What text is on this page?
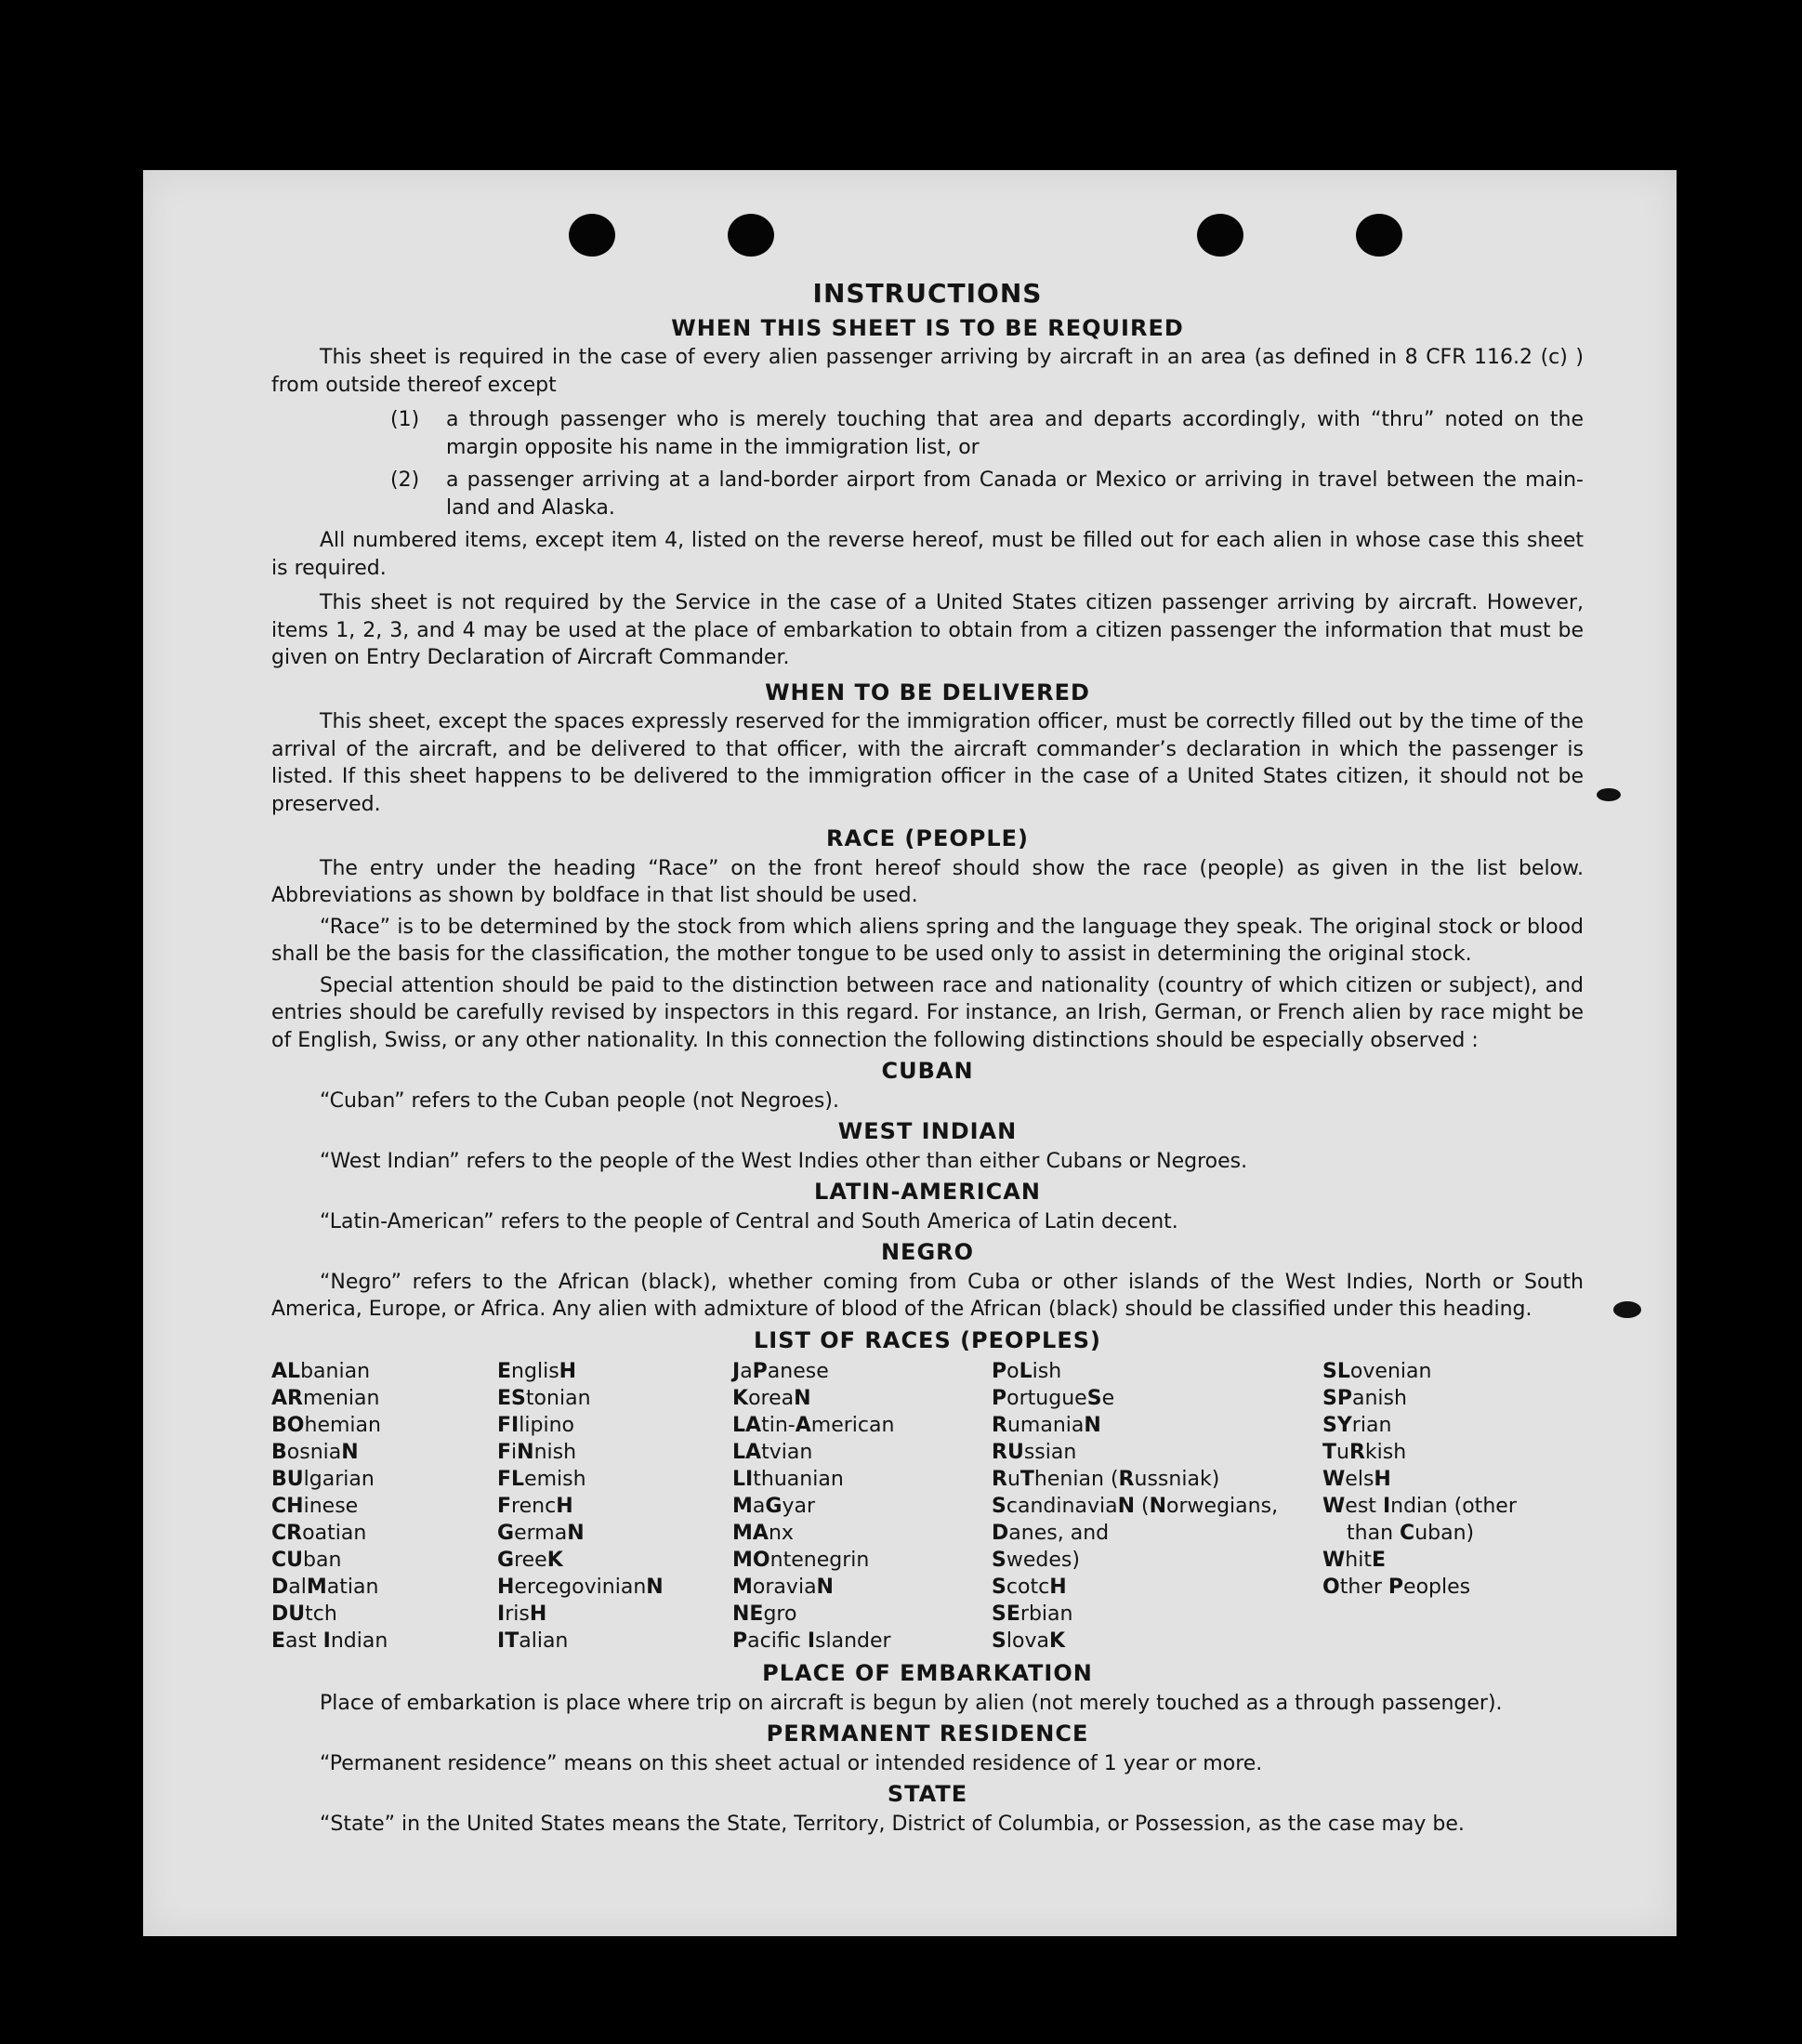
INSTRUCTIONS
WHEN THIS SHEET IS TO BE REQUIRED

This sheet is required in the case of every alien passenger arriving by aircraft in an area (as defined in 8 CFR 116.2 (c) ) from outside thereof except

(1)	a through passenger who is merely touching that area and departs accordingly, with “thru” noted on the margin opposite his name in the immigration list, or
(2)	a passenger arriving at a land-border airport from Canada or Mexico or arriving in travel between the main-land and Alaska.

All numbered items, except item 4, listed on the reverse hereof, must be filled out for each alien in whose case this sheet is required.

This sheet is not required by the Service in the case of a United States citizen passenger arriving by aircraft. However, items 1, 2, 3, and 4 may be used at the place of embarkation to obtain from a citizen passenger the information that must be given on Entry Declaration of Aircraft Commander.

WHEN TO BE DELIVERED

This sheet, except the spaces expressly reserved for the immigration officer, must be correctly filled out by the time of the arrival of the aircraft, and be delivered to that officer, with the aircraft commander’s declaration in which the passenger is listed. If this sheet happens to be delivered to the immigration officer in the case of a United States citizen, it should not be preserved.

RACE (PEOPLE)

The entry under the heading “Race” on the front hereof should show the race (people) as given in the list below. Abbreviations as shown by boldface in that list should be used.

“Race” is to be determined by the stock from which aliens spring and the language they speak. The original stock or blood shall be the basis for the classification, the mother tongue to be used only to assist in determining the original stock.

Special attention should be paid to the distinction between race and nationality (country of which citizen or subject), and entries should be carefully revised by inspectors in this regard. For instance, an Irish, German, or French alien by race might be of English, Swiss, or any other nationality. In this connection the following distinctions should be especially observed :

CUBAN

“Cuban” refers to the Cuban people (not Negroes).

WEST INDIAN

“West Indian” refers to the people of the West Indies other than either Cubans or Negroes.

LATIN-AMERICAN

“Latin-American” refers to the people of Central and South America of Latin decent.

NEGRO

“Negro” refers to the African (black), whether coming from Cuba or other islands of the West Indies, North or South America, Europe, or Africa. Any alien with admixture of blood of the African (black) should be classified under this heading.

LIST OF RACES (PEOPLES)
ALbanian
ARmenian
BOhemian
BosniaN
BUlgarian
CHinese
CRoatian
CUban
DalMatian
DUtch
East Indian
EnglisH
EStonian
FIlipino
FiNnish
FLemish
FrencH
GermaN
GreeK
HercegovinianN
IrisH
ITalian
JaPanese
KoreaN
LAtin-American
LAtvian
LIthuanian
MaGyar
MAnx
MOntenegrin
MoraviaN
NEgro
Pacifc Islander
PoLish
PortugueSe
RumaniaN
RUssian
RuThenian (Russniak)
ScandinaviaN (Norwegians,
Danes, and
Swedes)
ScotcH
SErbian
SlovaK
SLovenian
SPanish
SYrian
TuRkish
WelsH
West Indian (other
than Cuban)
WhitE
Other Peoples
PLACE OF EMBARKATION

Place of embarkation is place where trip on aircraft is begun by alien (not merely touched as a through passenger).

PERMANENT RESIDENCE

“Permanent residence” means on this sheet actual or intended residence of 1 year or more.

STATE

“State” in the United States means the State, Territory, District of Columbia, or Possession, as the case may be.
